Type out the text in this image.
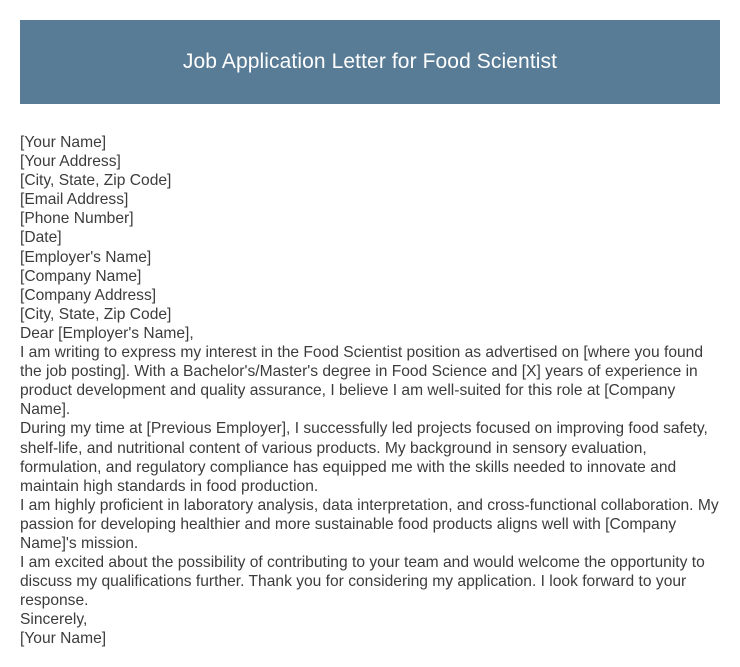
Job Application Letter for Food Scientist
[Your Name]
[Your Address]
[City, State, Zip Code]
[Email Address]
[Phone Number]
[Date]
[Employer's Name]
[Company Name]
[Company Address]
[City, State, Zip Code]
Dear [Employer's Name],
I am writing to express my interest in the Food Scientist position as advertised on [where you found the job posting]. With a Bachelor's/Master's degree in Food Science and [X] years of experience in product development and quality assurance, I believe I am well-suited for this role at [Company Name].
During my time at [Previous Employer], I successfully led projects focused on improving food safety, shelf-life, and nutritional content of various products. My background in sensory evaluation, formulation, and regulatory compliance has equipped me with the skills needed to innovate and maintain high standards in food production.
I am highly proficient in laboratory analysis, data interpretation, and cross-functional collaboration. My passion for developing healthier and more sustainable food products aligns well with [Company Name]'s mission.
I am excited about the possibility of contributing to your team and would welcome the opportunity to discuss my qualifications further. Thank you for considering my application. I look forward to your response.
Sincerely,
[Your Name]
